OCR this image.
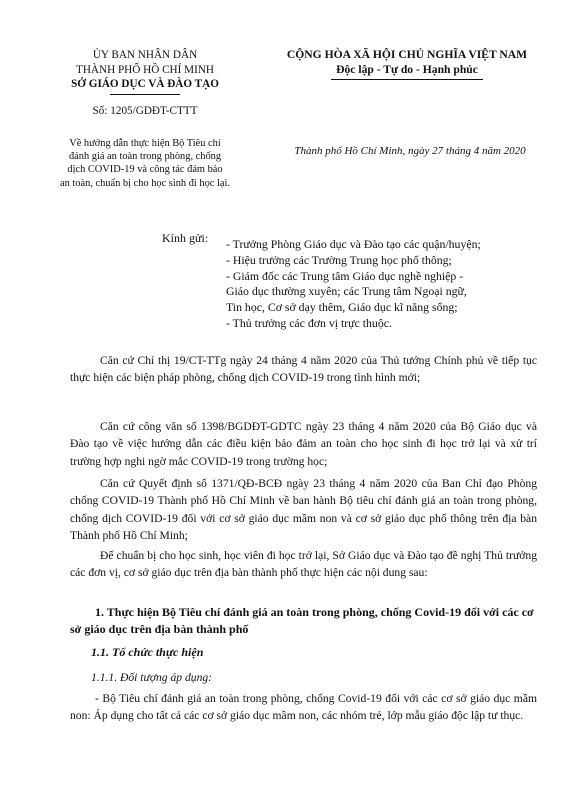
ỦY BAN NHÂN DÂN
THÀNH PHỐ HỒ CHÍ MINH
SỞ GIÁO DỤC VÀ ĐÀO TẠO
Số: 1205/GDĐT-CTTT
Về hướng dẫn thực hiện Bộ Tiêu chí
đánh giá an toàn trong phòng, chống
dịch COVID-19 và công tác đảm bảo
an toàn, chuẩn bị cho học sinh đi học lại.
CỘNG HÒA XÃ HỘI CHỦ NGHĨA VIỆT NAM
Độc lập - Tự do - Hạnh phúc
Thành phố Hồ Chí Minh, ngày 27 tháng 4 năm 2020
Kính gửi: - Trưởng Phòng Giáo dục và Đào tạo các quận/huyện;
- Hiệu trưởng các Trường Trung học phổ thông;
- Giám đốc các Trung tâm Giáo dục nghề nghiệp -
Giáo dục thường xuyên; các Trung tâm Ngoại ngữ,
Tin học, Cơ sở dạy thêm, Giáo dục kĩ năng sống;
- Thủ trưởng các đơn vị trực thuộc.
Căn cứ Chỉ thị 19/CT-TTg ngày 24 tháng 4 năm 2020 của Thủ tướng Chính phủ về tiếp tục thực hiện các biện pháp phòng, chống dịch COVID-19 trong tình hình mới;
Căn cứ công văn số 1398/BGDĐT-GDTC ngày 23 tháng 4 năm 2020 của Bộ Giáo dục và Đào tạo về việc hướng dẫn các điều kiện bảo đảm an toàn cho học sinh đi học trở lại và xử trí trường hợp nghi ngờ mắc COVID-19 trong trường học;
Căn cứ Quyết định số 1371/QĐ-BCĐ ngày 23 tháng 4 năm 2020 của Ban Chỉ đạo Phòng chống COVID-19 Thành phố Hồ Chí Minh về ban hành Bộ tiêu chí đánh giá an toàn trong phòng, chống dịch COVID-19 đối với cơ sở giáo dục mầm non và cơ sở giáo dục phổ thông trên địa bàn Thành phố Hồ Chí Minh;
Để chuẩn bị cho học sinh, học viên đi học trở lại, Sở Giáo dục và Đào tạo đề nghị Thủ trưởng các đơn vị, cơ sở giáo dục trên địa bàn thành phố thực hiện các nội dung sau:
1. Thực hiện Bộ Tiêu chí đánh giá an toàn trong phòng, chống Covid-19 đối với các cơ sở giáo dục trên địa bàn thành phố
1.1. Tổ chức thực hiện
1.1.1. Đối tượng áp dụng:
- Bộ Tiêu chí đánh giá an toàn trong phòng, chống Covid-19 đối với các cơ sở giáo dục mầm non: Áp dụng cho tất cả các cơ sở giáo dục mầm non, các nhóm trẻ, lớp mẫu giáo độc lập tư thục.
